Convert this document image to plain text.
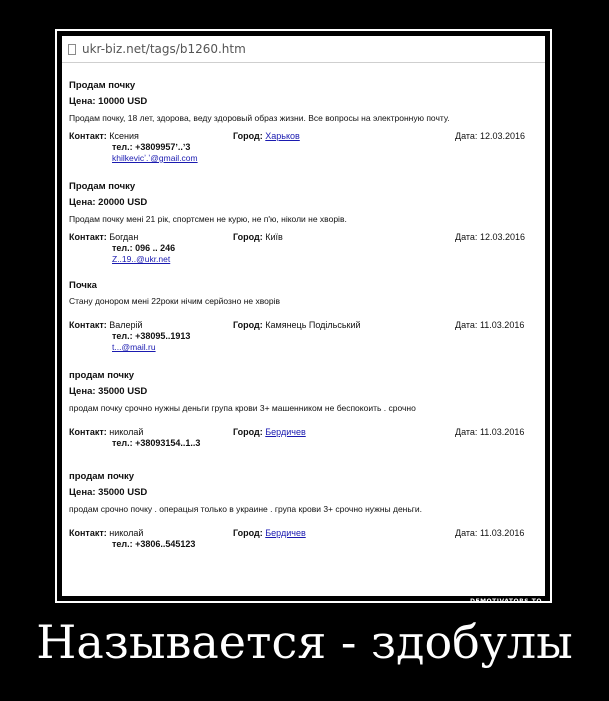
ukr-biz.net/tags/b1260.htm
Продам почку
Цена: 10000 USD
Продам почку, 18 лет, здорова, веду здоровый образ жизни. Все вопросы на электронную почту.
Контакт: Ксения	Город: Харьков	Дата: 12.03.2016
тел.: +3809957ʼ..ʼ3
khilkevicʼ.ʼ@gmail.com
Продам почку
Цена: 20000 USD
Продам почку мені 21 рік, спортсмен не курю, не п'ю, ніколи не хворів.
Контакт: Богдан	Город: Київ	Дата: 12.03.2016
тел.: 096 .. 246
Z..19..@ukr.net
Почка
Стану донором мені 22роки нічим серйозно не хворів
Контакт: Валерій	Город: Камянець Подільський	Дата: 11.03.2016
тел.: +38095..1913
t...@mail.ru
продам почку
Цена: 35000 USD
продам почку срочно нужны деньги група крови 3+ машенником не беспокоить . срочно
Контакт: николай	Город: Бердичев	Дата: 11.03.2016
тел.: +38093154..1..3
продам почку
Цена: 35000 USD
продам срочно почку . операцыя только в украине . група крови 3+ срочно нужны деньги.
Контакт: николай	Город: Бердичев	Дата: 11.03.2016
тел.: +3806..545123
DEMOTIVATORS.TO
Называется - здобулы
